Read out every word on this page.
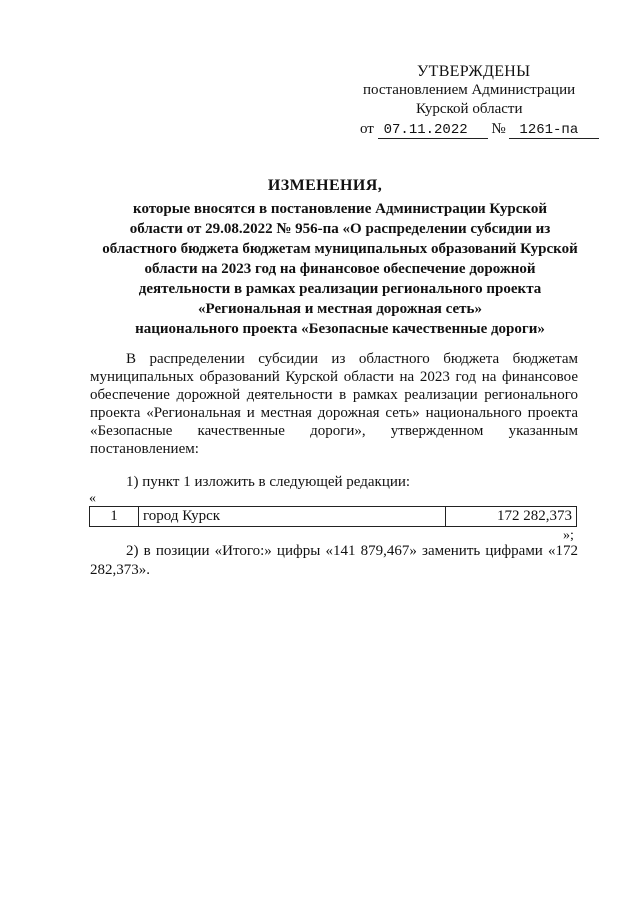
УТВЕРЖДЕНЫ
постановлением Администрации
Курской области
от 07.11.2022 № 1261-па
ИЗМЕНЕНИЯ,
которые вносятся в постановление Администрации Курской
области от 29.08.2022 № 956-па «О распределении субсидии из
областного бюджета бюджетам муниципальных образований Курской
области на 2023 год на финансовое обеспечение дорожной
деятельности в рамках реализации регионального проекта
«Региональная и местная дорожная сеть»
национального проекта «Безопасные качественные дороги»

В распределении субсидии из областного бюджета бюджетам муниципальных образований Курской области на 2023 год на финансовое обеспечение дорожной деятельности в рамках реализации регионального проекта «Региональная и местная дорожная сеть» национального проекта «Безопасные качественные дороги», утвержденном указанным постановлением:

1) пункт 1 изложить в следующей редакции:
«
1	город Курск	172 282,373
»;

2) в позиции «Итого:» цифры «141 879,467» заменить цифрами «172 282,373».
